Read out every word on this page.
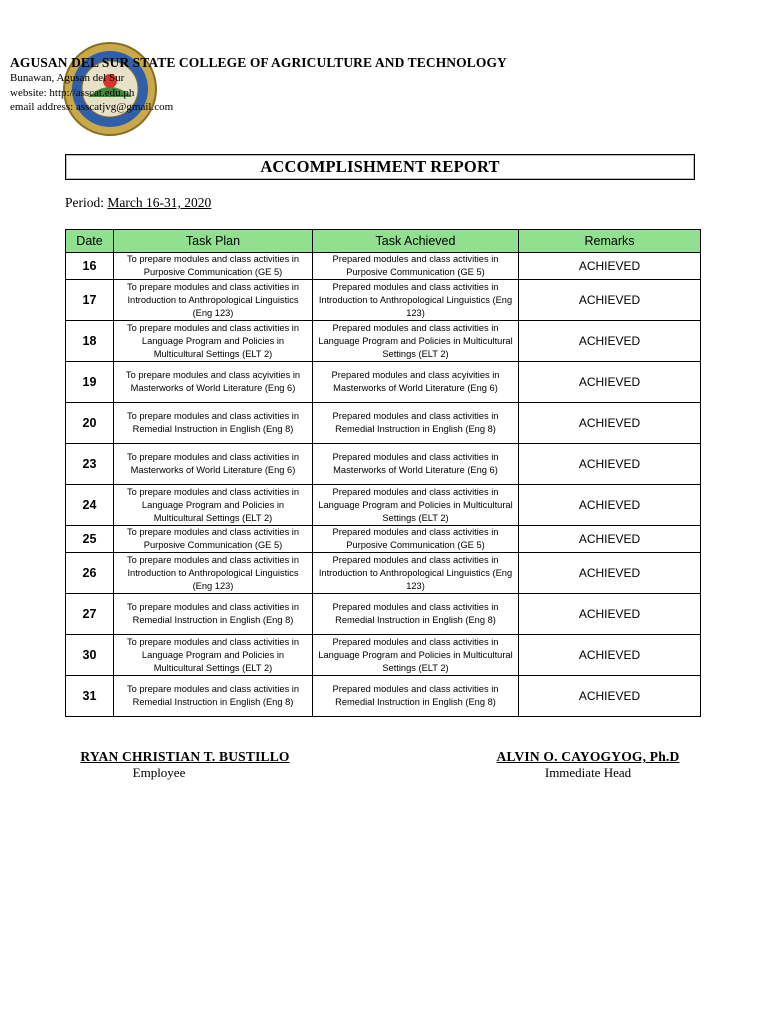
AGUSAN DEL SUR STATE COLLEGE OF AGRICULTURE AND TECHNOLOGY
Bunawan, Agusan del Sur
website: http://asscat.edu.ph
email address: asscatjvg@gmail.com
ACCOMPLISHMENT REPORT
Period: March 16-31, 2020
Date	Task Plan	Task Achieved	Remarks
16	To prepare modules and class activities in Purposive Communication (GE 5)	Prepared modules and class activities in Purposive Communication (GE 5)	ACHIEVED
17	To prepare modules and class activities in Introduction to Anthropological Linguistics (Eng 123)	Prepared modules and class activities in Introduction to Anthropological Linguistics (Eng 123)	ACHIEVED
18	To prepare modules and class activities in Language Program and Policies in Multicultural Settings (ELT 2)	Prepared modules and class activities in Language Program and Policies in Multicultural Settings (ELT 2)	ACHIEVED
19	To prepare modules and class acyivities in Masterworks of World Literature (Eng 6)	Prepared modules and class acyivities in Masterworks of World Literature (Eng 6)	ACHIEVED
20	To prepare modules and class activities in Remedial Instruction in English (Eng 8)	Prepared modules and class activities in Remedial Instruction in English (Eng 8)	ACHIEVED
23	To prepare modules and class activities in Masterworks of World Literature (Eng 6)	Prepared modules and class activities in Masterworks of World Literature (Eng 6)	ACHIEVED
24	To prepare modules and class activities in Language Program and Policies in Multicultural Settings (ELT 2)	Prepared modules and class activities in Language Program and Policies in Multicultural Settings (ELT 2)	ACHIEVED
25	To prepare modules and class activities in Purposive Communication (GE 5)	Prepared modules and class activities in Purposive Communication (GE 5)	ACHIEVED
26	To prepare modules and class activities in Introduction to Anthropological Linguistics (Eng 123)	Prepared modules and class activities in Introduction to Anthropological Linguistics (Eng 123)	ACHIEVED
27	To prepare modules and class activities in Remedial Instruction in English (Eng 8)	Prepared modules and class activities in Remedial Instruction in English (Eng 8)	ACHIEVED
30	To prepare modules and class activities in Language Program and Policies in Multicultural Settings (ELT 2)	Prepared modules and class activities in Language Program and Policies in Multicultural Settings (ELT 2)	ACHIEVED
31	To prepare modules and class activities in Remedial Instruction in English (Eng 8)	Prepared modules and class activities in Remedial Instruction in English (Eng 8)	ACHIEVED
RYAN CHRISTIAN T. BUSTILLO
Employee
ALVIN O. CAYOGYOG, Ph.D
Immediate Head
